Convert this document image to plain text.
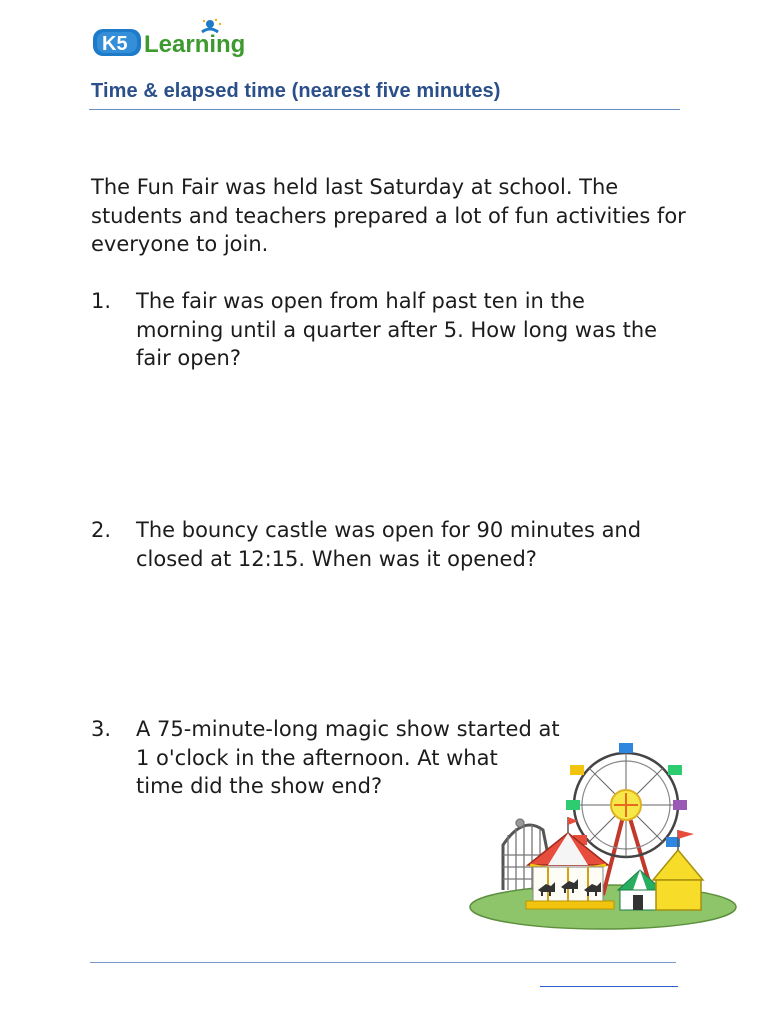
K5 Learning
Time & elapsed time (nearest five minutes)
The Fun Fair was held last Saturday at school. The students and teachers prepared a lot of fun activities for everyone to join.
1.	The fair was open from half past ten in the
morning until a quarter after 5. How long was the
fair open?
2.	The bouncy castle was open for 90 minutes and
closed at 12:15. When was it opened?
3.	A 75-minute-long magic show started at
1 o'clock in the afternoon. At what
time did the show end?
